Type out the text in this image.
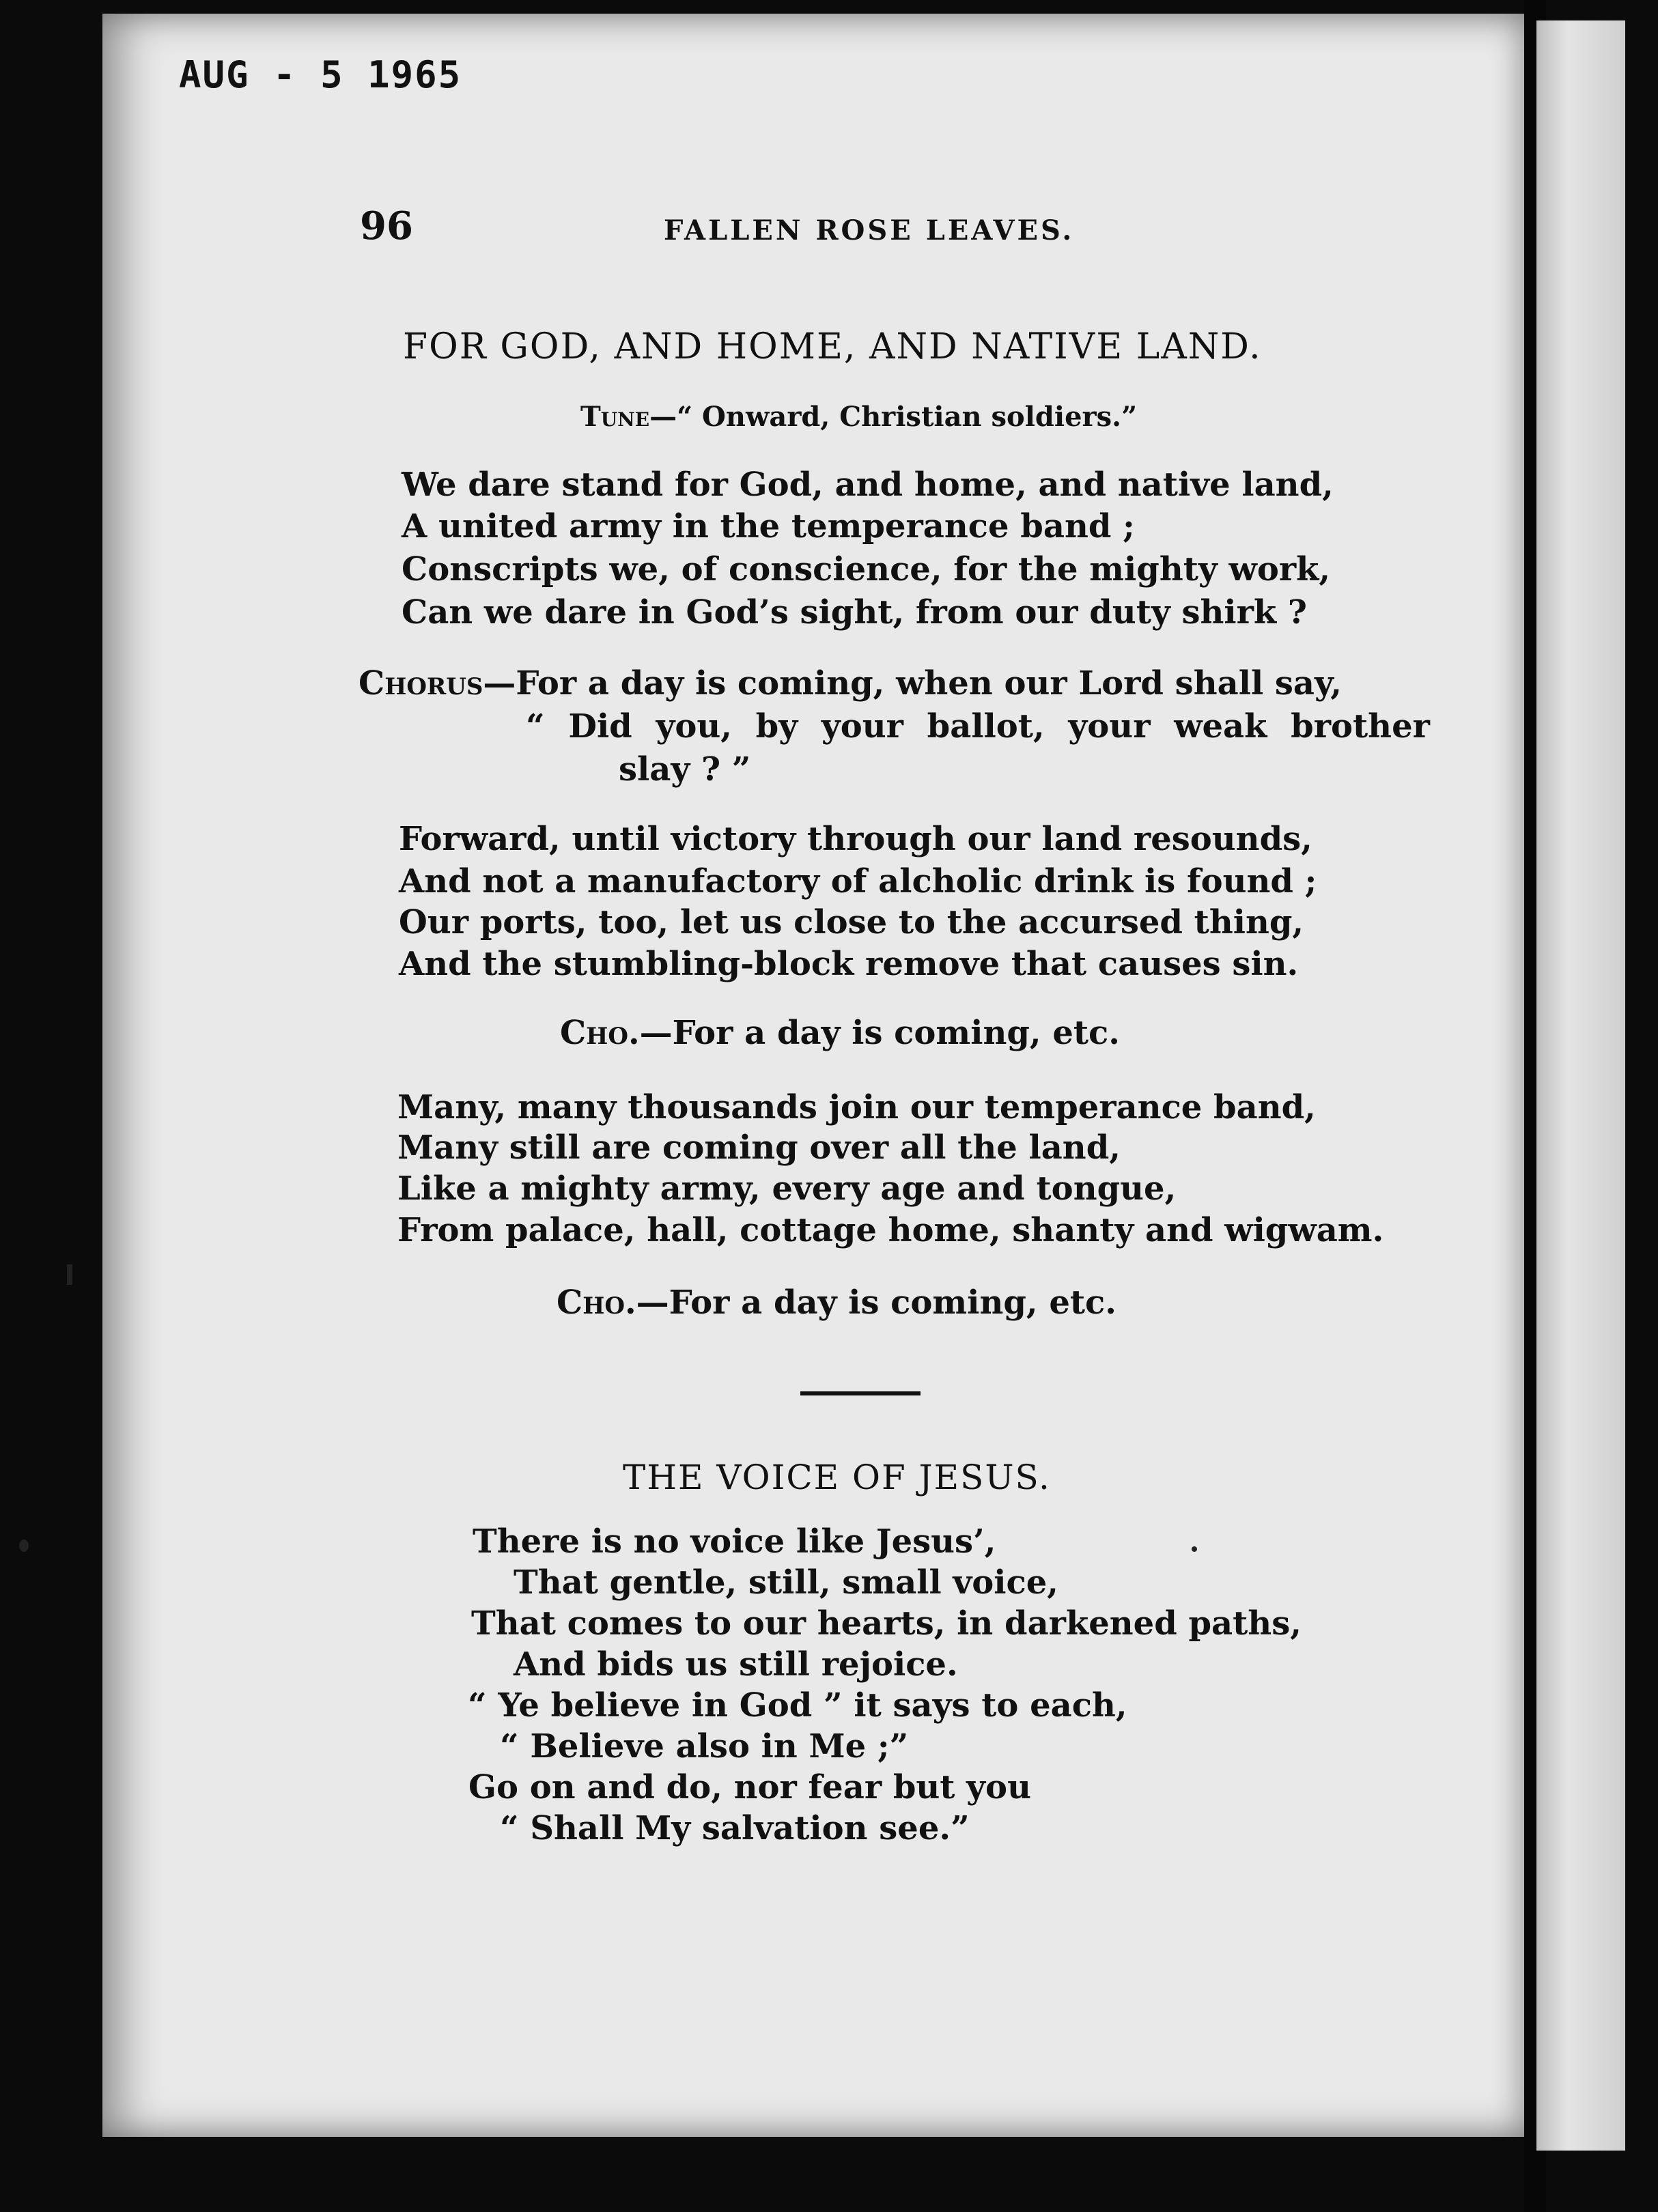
AUG - 5 1965
96	FALLEN ROSE LEAVES.
FOR GOD, AND HOME, AND NATIVE LAND.
Tune—“ Onward, Christian soldiers.”
We dare stand for God, and home, and native land,
A united army in the temperance band ;
Conscripts we, of conscience, for the mighty work,
Can we dare in God’s sight, from our duty shirk ?
Chorus—For a day is coming, when our Lord shall say,
“ Did you, by your ballot, your weak brother
slay ? ”
Forward, until victory through our land resounds,
And not a manufactory of alcholic drink is found ;
Our ports, too, let us close to the accursed thing,
And the stumbling-block remove that causes sin.
Cho.—For a day is coming, etc.
Many, many thousands join our temperance band,
Many still are coming over all the land,
Like a mighty army, every age and tongue,
From palace, hall, cottage home, shanty and wigwam.
Cho.—For a day is coming, etc.
THE VOICE OF JESUS.
There is no voice like Jesus’,
That gentle, still, small voice,
That comes to our hearts, in darkened paths,
And bids us still rejoice.
“ Ye believe in God ” it says to each,
“ Believe also in Me ;”
Go on and do, nor fear but you
“ Shall My salvation see.”
